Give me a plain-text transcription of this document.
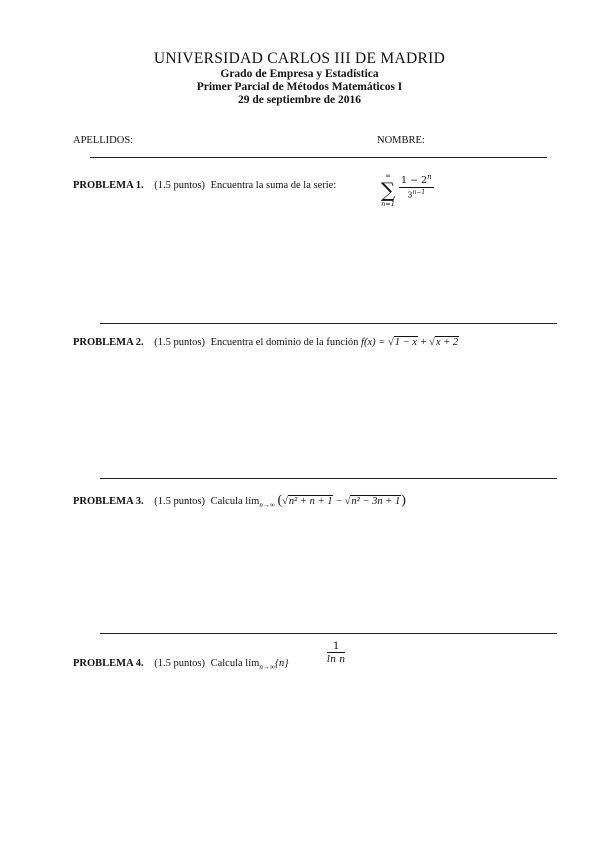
UNIVERSIDAD CARLOS III DE MADRID
Grado de Empresa y Estadística
Primer Parcial de Métodos Matemáticos I
29 de septiembre de 2016
APELLIDOS:	NOMBRE:
PROBLEMA 1. (1.5 puntos) Encuentra la suma de la serie:
∞
∑
n=1
$1 - 2^n$
$3^{n-1}$
PROBLEMA 2. (1.5 puntos) Encuentra el dominio de la función f(x) = √1 − x + √x + 2
PROBLEMA 3. (1.5 puntos) Calcula lím$_{n\to\infty}$ (√n² + n + 1 − √n² − 3n + 1)
PROBLEMA 4. (1.5 puntos) Calcula lím$_{n\to\infty}${n}	$\frac{1}{\text{ln n}}$
